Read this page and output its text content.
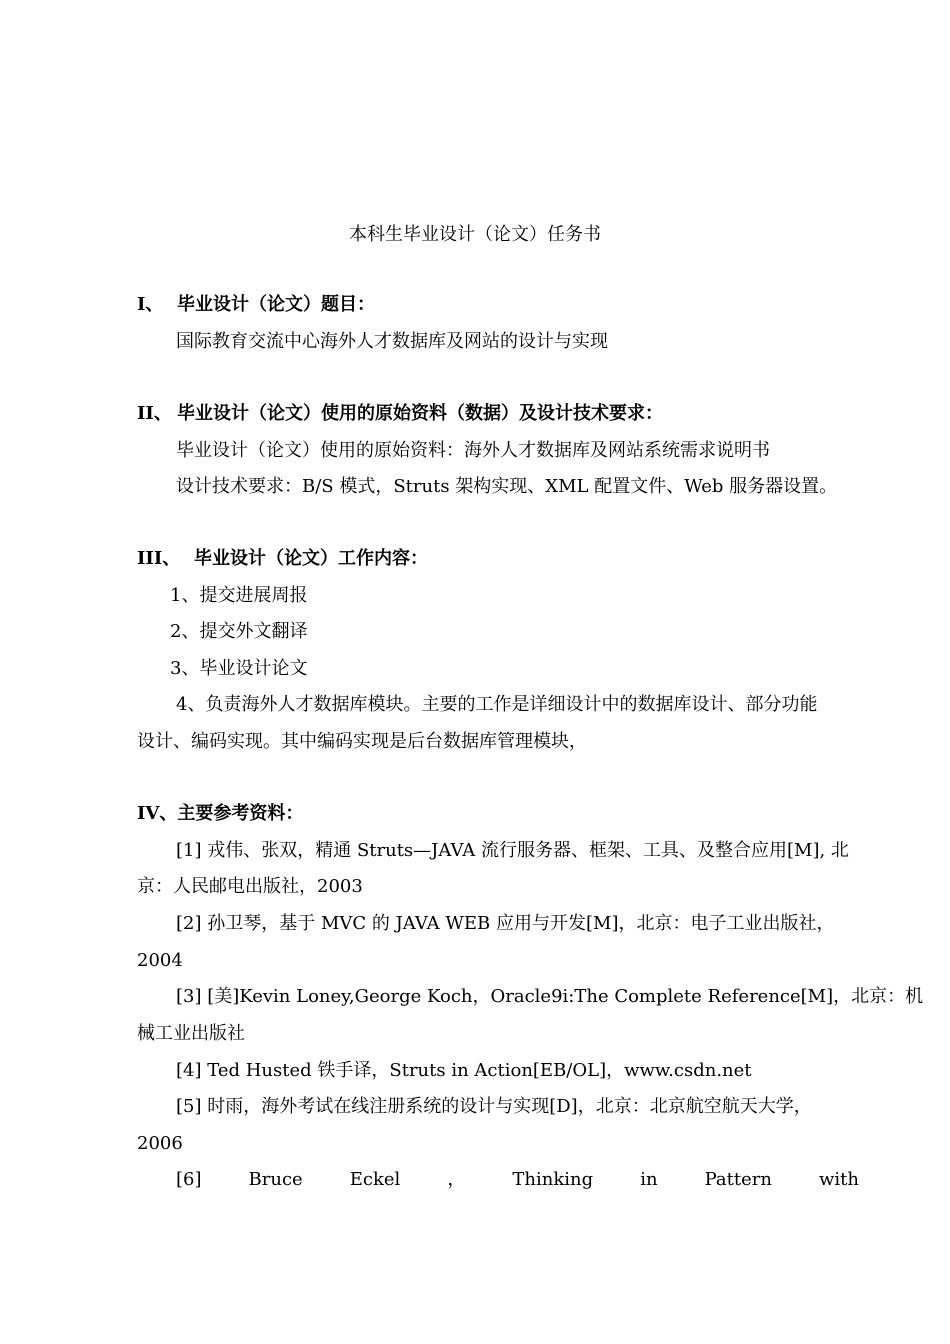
本科生毕业设计（论文）任务书
I、 毕业设计（论文）题目：
国际教育交流中心海外人才数据库及网站的设计与实现
II、 毕业设计（论文）使用的原始资料（数据）及设计技术要求：
毕业设计（论文）使用的原始资料：海外人才数据库及网站系统需求说明书
设计技术要求：B/S 模式，Struts 架构实现、XML 配置文件、Web 服务器设置。
III、 毕业设计（论文）工作内容：
1、提交进展周报
2、提交外文翻译
3、毕业设计论文
4、负责海外人才数据库模块。主要的工作是详细设计中的数据库设计、部分功能
设计、编码实现。其中编码实现是后台数据库管理模块，
IV、主要参考资料：
[1] 戎伟、张双，精通 Struts—JAVA 流行服务器、框架、工具、及整合应用[M], 北
京：人民邮电出版社，2003
[2] 孙卫琴，基于 MVC 的 JAVA WEB 应用与开发[M]，北京：电子工业出版社，
2004
[3] [美]Kevin Loney,George Koch，Oracle9i:The Complete Reference[M]，北京：机
械工业出版社
[4] Ted Husted 铁手译，Struts in Action[EB/OL]，www.csdn.net
[5] 时雨，海外考试在线注册系统的设计与实现[D]，北京：北京航空航天大学，
2006
[6]	Bruce	Eckel	，	Thinking	in	Pattern	with
